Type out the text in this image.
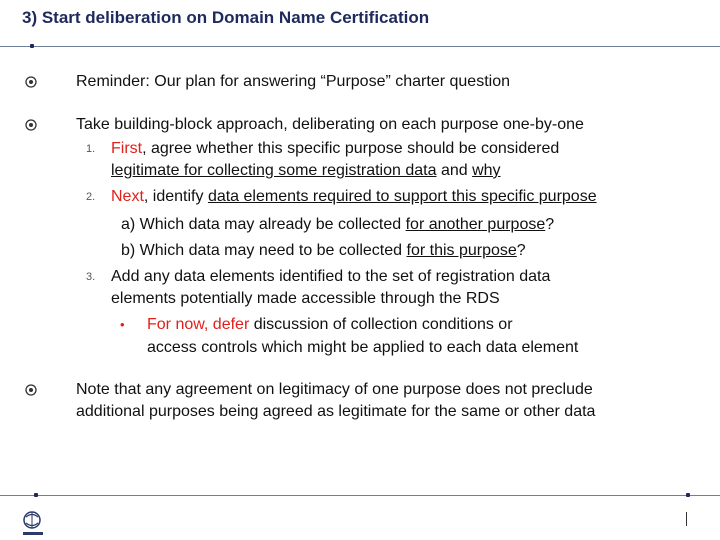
3) Start deliberation on Domain Name Certification
Reminder: Our plan for answering “Purpose” charter question
Take building-block approach, deliberating on each purpose one-by-one
1. First, agree whether this specific purpose should be considered
legitimate for collecting some registration data and why
2. Next, identify data elements required to support this specific purpose
a) Which data may already be collected for another purpose?
b) Which data may need to be collected for this purpose?
3. Add any data elements identified to the set of registration data
elements potentially made accessible through the RDS
• For now, defer discussion of collection conditions or
access controls which might be applied to each data element
Note that any agreement on legitimacy of one purpose does not preclude
additional purposes being agreed as legitimate for the same or other data
